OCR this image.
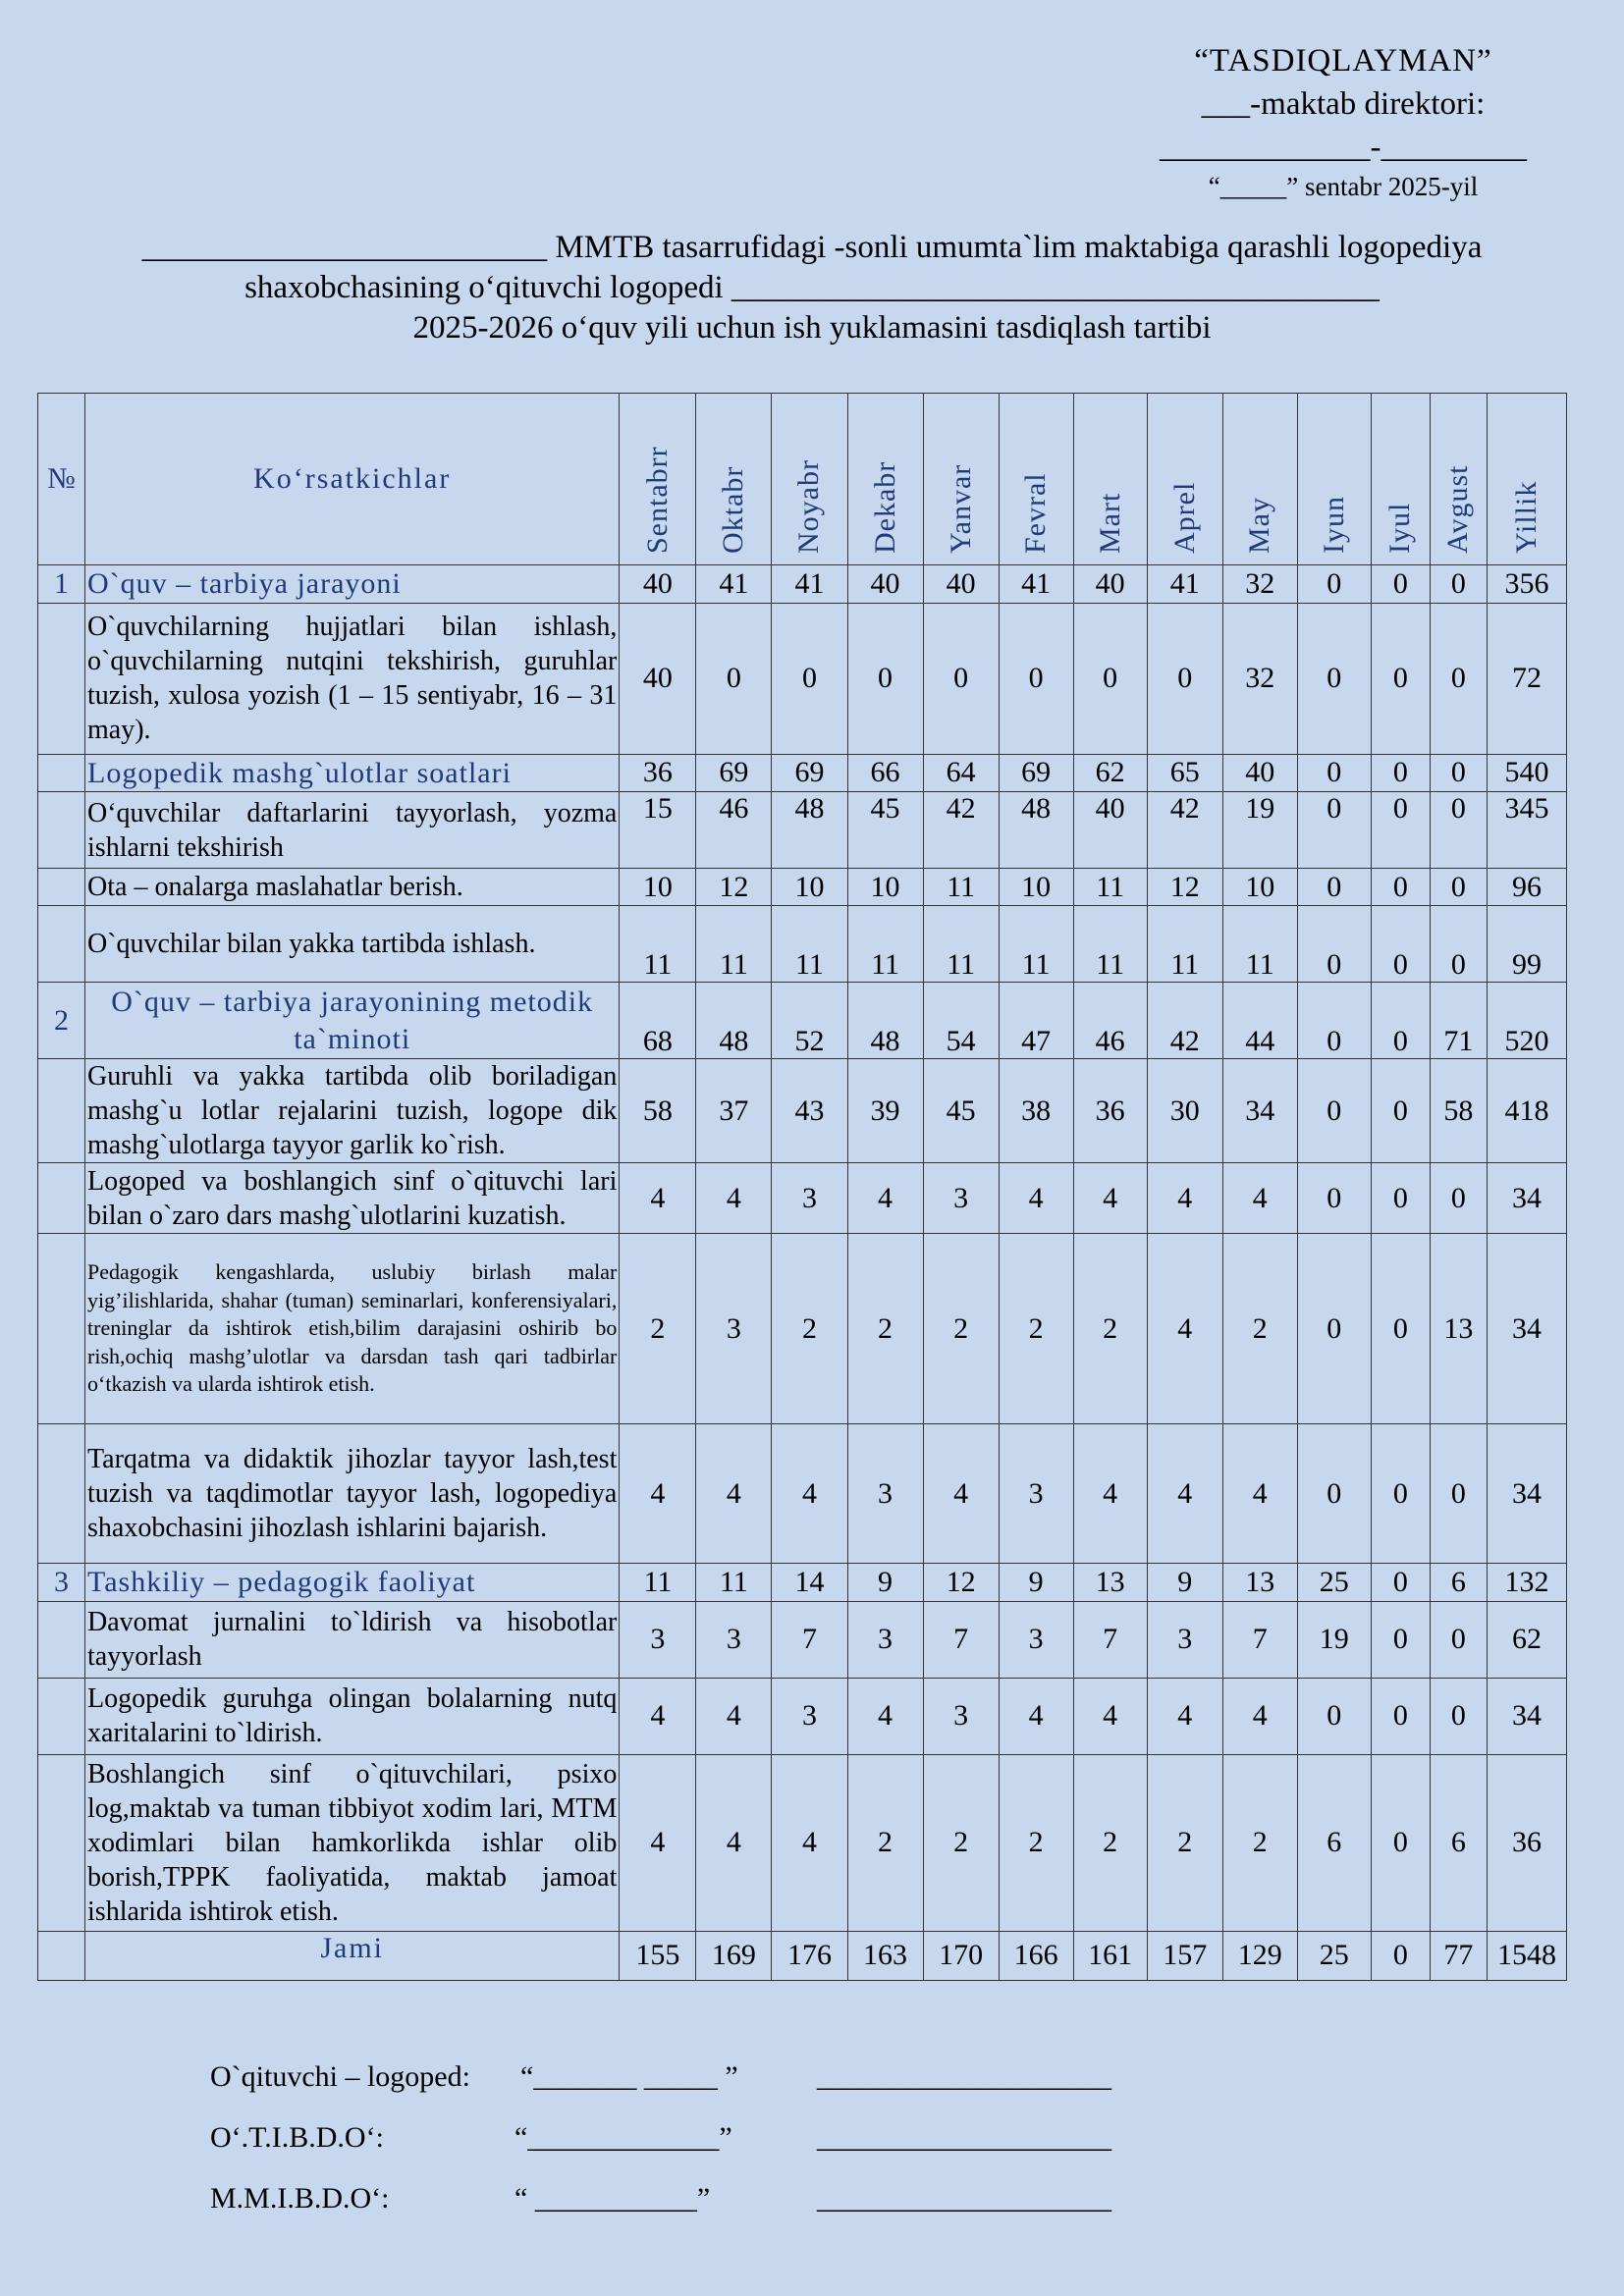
“TASDIQLAYMAN”
___-maktab direktori:
_____________-_________
“_____” sentabr 2025-yil
_________________________ MMTB tasarrufidagi -sonli umumta`lim maktabiga qarashli logopediya
shaxobchasining o‘qituvchi logopedi ________________________________________
2025-2026 o‘quv yili uchun ish yuklamasini tasdiqlash tartibi
№	Ko‘rsatkichlar	Sentabrr	Oktabr	Noyabr	Dekabr	Yanvar	Fevral	Mart	Aprel	May	Iyun	Iyul	Avgust	Yillik
1	O`quv – tarbiya jarayoni	40	41	41	40	40	41	40	41	32	0	0	0	356
	O`quvchilarning hujjatlari bilan ishlash, o`quvchilarning nutqini tekshirish, guruhlar tuzish, xulosa yozish (1 – 15 sentiyabr, 16 – 31 may).	40	0	0	0	0	0	0	0	32	0	0	0	72
	Logopedik mashg`ulotlar soatlari	36	69	69	66	64	69	62	65	40	0	0	0	540
	O‘quvchilar daftarlarini tayyorlash, yozma ishlarni tekshirish	15	46	48	45	42	48	40	42	19	0	0	0	345
	Ota – onalarga maslahatlar berish.	10	12	10	10	11	10	11	12	10	0	0	0	96
	O`quvchilar bilan yakka tartibda ishlash.	11	11	11	11	11	11	11	11	11	0	0	0	99
2	O`quv – tarbiya jarayonining metodik ta`minoti	68	48	52	48	54	47	46	42	44	0	0	71	520
	Guruhli va yakka tartibda olib boriladigan mashg`u lotlar rejalarini tuzish, logope dik mashg`ulotlarga tayyor garlik ko`rish.	58	37	43	39	45	38	36	30	34	0	0	58	418
	Logoped va boshlangich sinf o`qituvchi lari bilan o`zaro dars mashg`ulotlarini kuzatish.	4	4	3	4	3	4	4	4	4	0	0	0	34
	Pedagogik kengashlarda, uslubiy birlash malar yig’ilishlarida, shahar (tuman) seminarlari, konferensiyalari, treninglar da ishtirok etish,bilim darajasini oshirib bo rish,ochiq mashg’ulotlar va darsdan tash qari tadbirlar o‘tkazish va ularda ishtirok etish.	2	3	2	2	2	2	2	4	2	0	0	13	34
	Tarqatma va didaktik jihozlar tayyor lash,test tuzish va taqdimotlar tayyor lash, logopediya shaxobchasini jihozlash ishlarini bajarish.	4	4	4	3	4	3	4	4	4	0	0	0	34
3	Tashkiliy – pedagogik faoliyat	11	11	14	9	12	9	13	9	13	25	0	6	132
	Davomat jurnalini to`ldirish va hisobotlar tayyorlash	3	3	7	3	7	3	7	3	7	19	0	0	62
	Logopedik guruhga olingan bolalarning nutq xaritalarini to`ldirish.	4	4	3	4	3	4	4	4	4	0	0	0	34
	Boshlangich sinf o`qituvchilari, psixo log,maktab va tuman tibbiyot xodim lari, MTM xodimlari bilan hamkorlikda ishlar olib borish,TPPK faoliyatida, maktab jamoat ishlarida ishtirok etish.	4	4	4	2	2	2	2	2	2	6	0	6	36
	Jami	155	169	176	163	170	166	161	157	129	25	0	77	1548
O`qituvchi – logoped: “_______ _____ ”	____________________
O‘.T.I.B.D.O‘:	“_____________”	____________________
M.M.I.B.D.O‘:	“ ___________”	____________________
